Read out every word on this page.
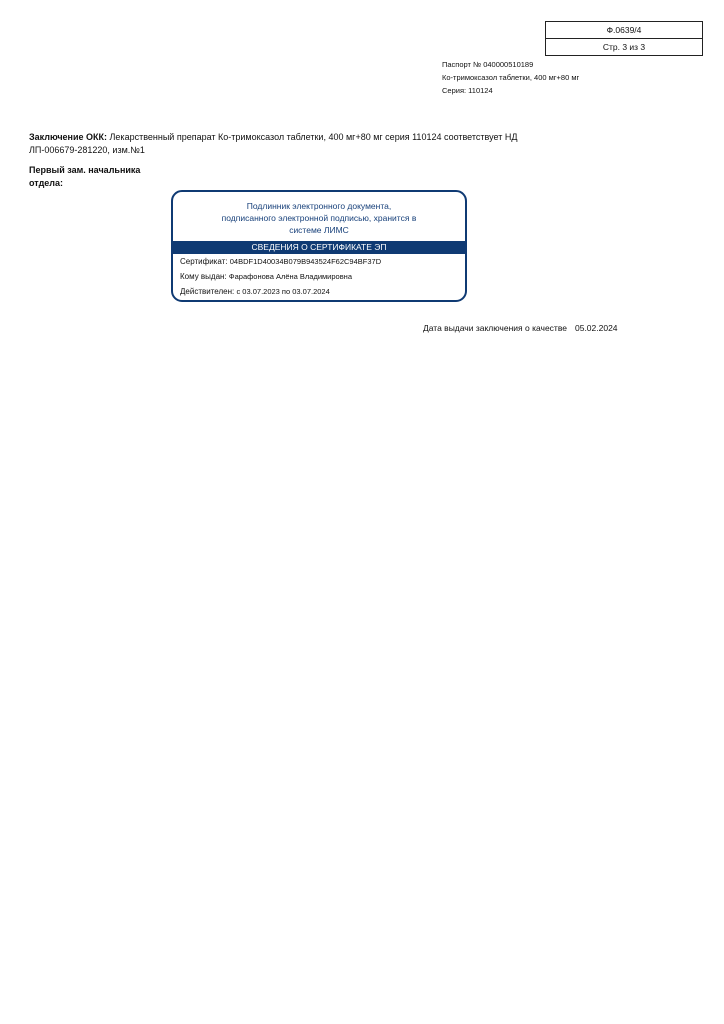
Ф.0639/4
Стр. 3 из 3
Паспорт № 040000510189
Ко-тримоксазол таблетки, 400 мг+80 мг
Серия: 110124
Заключение ОКК: Лекарственный препарат Ко-тримоксазол таблетки, 400 мг+80 мг серия 110124 соответствует НД
ЛП-006679-281220, изм.№1
Первый зам. начальника
отдела:
Подлинник электронного документа,
подписанного электронной подписью, хранится в
системе ЛИМС
СВЕДЕНИЯ О СЕРТИФИКАТЕ ЭП
Сертификат: 04BDF1D40034B079B943524F62C94BF37D
Кому выдан: Фарафонова Алёна Владимировна
Действителен: с 03.07.2023 по 03.07.2024
Дата выдачи заключения о качестве 05.02.2024
